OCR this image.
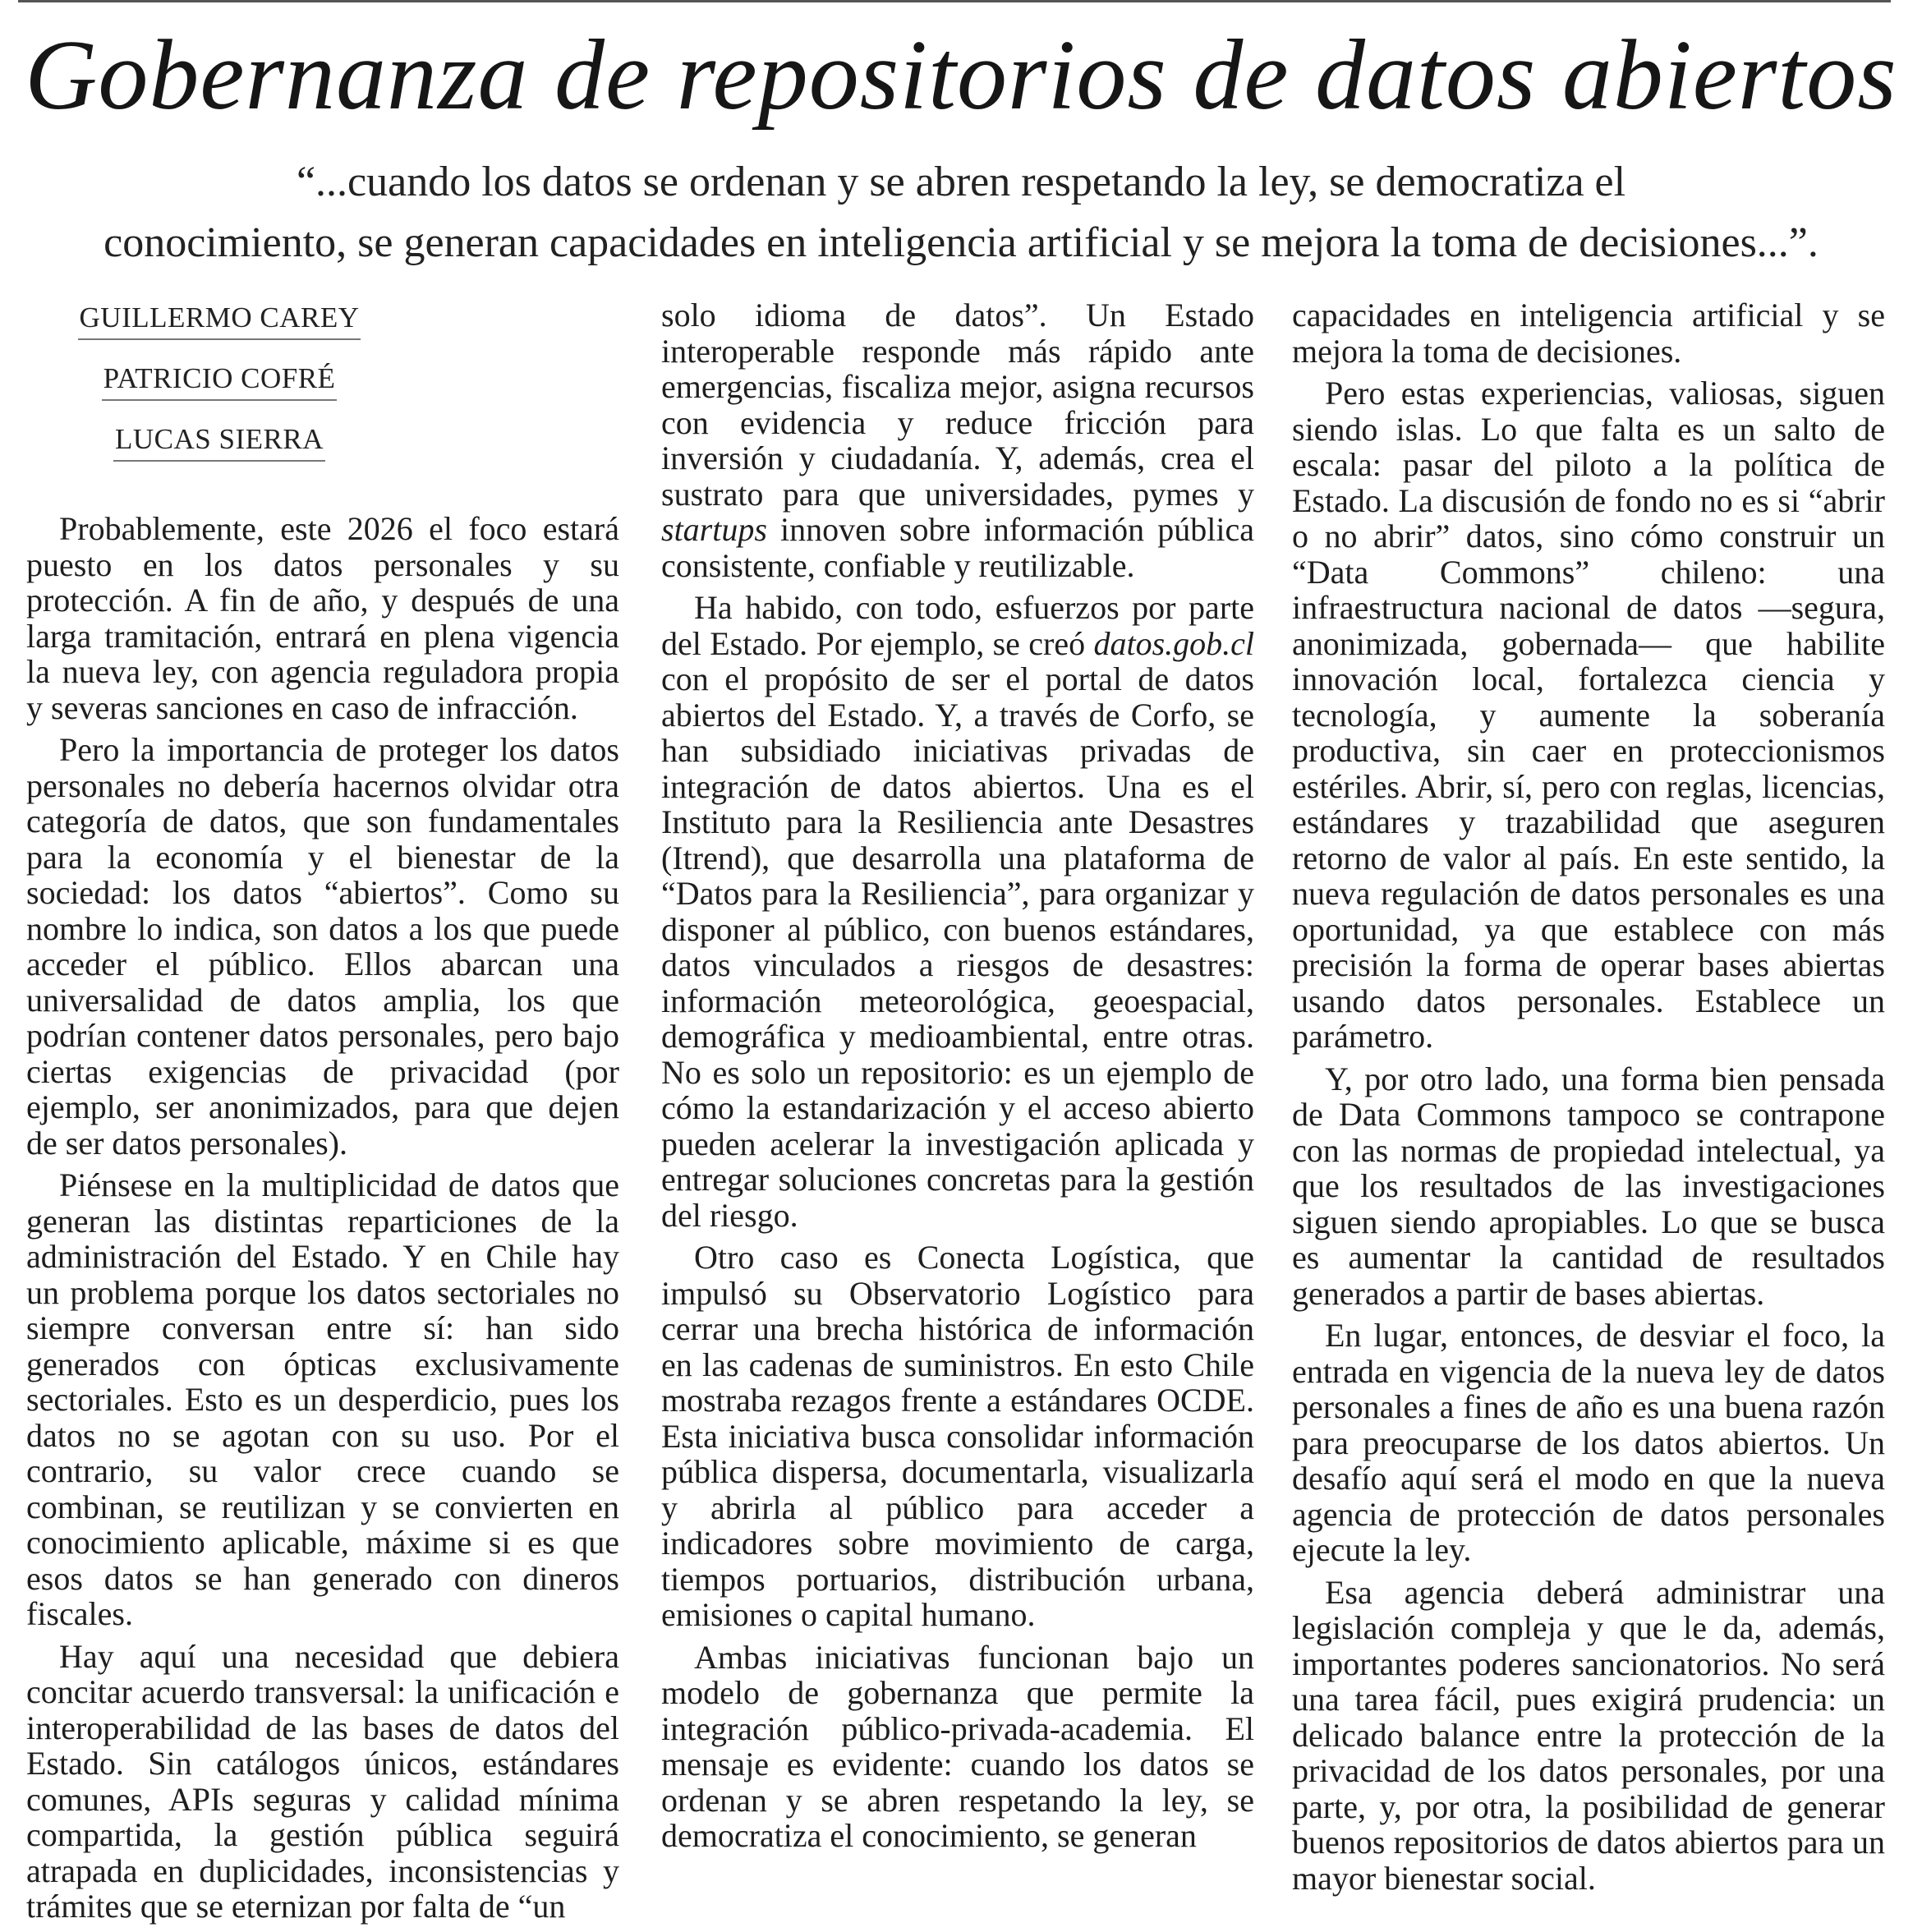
Gobernanza de repositorios de datos abiertos
“...cuando los datos se ordenan y se abren respetando la ley, se democratiza el
conocimiento, se generan capacidades en inteligencia artificial y se mejora la toma de decisiones...”.
GUILLERMO CAREY
PATRICIO COFRÉ
LUCAS SIERRA

Probablemente, este 2026 el foco estará puesto en los datos personales y su protección. A fin de año, y después de una larga tramitación, entrará en plena vigencia la nueva ley, con agencia reguladora propia y severas sanciones en caso de infracción.

Pero la importancia de proteger los datos personales no debería hacernos olvidar otra categoría de datos, que son fundamentales para la economía y el bienestar de la sociedad: los datos “abiertos”. Como su nombre lo indica, son datos a los que puede acceder el público. Ellos abarcan una universalidad de datos amplia, los que podrían contener datos personales, pero bajo ciertas exigencias de privacidad (por ejemplo, ser anonimizados, para que dejen de ser datos personales).

Piénsese en la multiplicidad de datos que generan las distintas reparticiones de la administración del Estado. Y en Chile hay un problema porque los datos sectoriales no siempre conversan entre sí: han sido generados con ópticas exclusivamente sectoriales. Esto es un desperdicio, pues los datos no se agotan con su uso. Por el contrario, su valor crece cuando se combinan, se reutilizan y se convierten en conocimiento aplicable, máxime si es que esos datos se han generado con dineros fiscales.

Hay aquí una necesidad que debiera concitar acuerdo transversal: la unificación e interoperabilidad de las bases de datos del Estado. Sin catálogos únicos, estándares comunes, APIs seguras y calidad mínima compartida, la gestión pública seguirá atrapada en duplicidades, inconsistencias y trámites que se eternizan por falta de “un

solo idioma de datos”. Un Estado interoperable responde más rápido ante emergencias, fiscaliza mejor, asigna recursos con evidencia y reduce fricción para inversión y ciudadanía. Y, además, crea el sustrato para que universidades, pymes y startups innoven sobre información pública consistente, confiable y reutilizable.

Ha habido, con todo, esfuerzos por parte del Estado. Por ejemplo, se creó datos.gob.cl con el propósito de ser el portal de datos abiertos del Estado. Y, a través de Corfo, se han subsidiado iniciativas privadas de integración de datos abiertos. Una es el Instituto para la Resiliencia ante Desastres (Itrend), que desarrolla una plataforma de “Datos para la Resiliencia”, para organizar y disponer al público, con buenos estándares, datos vinculados a riesgos de desastres: información meteorológica, geoespacial, demográfica y medioambiental, entre otras. No es solo un repositorio: es un ejemplo de cómo la estandarización y el acceso abierto pueden acelerar la investigación aplicada y entregar soluciones concretas para la gestión del riesgo.

Otro caso es Conecta Logística, que impulsó su Observatorio Logístico para cerrar una brecha histórica de información en las cadenas de suministros. En esto Chile mostraba rezagos frente a estándares OCDE. Esta iniciativa busca consolidar información pública dispersa, documentarla, visualizarla y abrirla al público para acceder a indicadores sobre movimiento de carga, tiempos portuarios, distribución urbana, emisiones o capital humano.

Ambas iniciativas funcionan bajo un modelo de gobernanza que permite la integración público-privada-academia. El mensaje es evidente: cuando los datos se ordenan y se abren respetando la ley, se democratiza el conocimiento, se generan

capacidades en inteligencia artificial y se mejora la toma de decisiones.

Pero estas experiencias, valiosas, siguen siendo islas. Lo que falta es un salto de escala: pasar del piloto a la política de Estado. La discusión de fondo no es si “abrir o no abrir” datos, sino cómo construir un “Data Commons” chileno: una infraestructura nacional de datos —segura, anonimizada, gobernada— que habilite innovación local, fortalezca ciencia y tecnología, y aumente la soberanía productiva, sin caer en proteccionismos estériles. Abrir, sí, pero con reglas, licencias, estándares y trazabilidad que aseguren retorno de valor al país. En este sentido, la nueva regulación de datos personales es una oportunidad, ya que establece con más precisión la forma de operar bases abiertas usando datos personales. Establece un parámetro.

Y, por otro lado, una forma bien pensada de Data Commons tampoco se contrapone con las normas de propiedad intelectual, ya que los resultados de las investigaciones siguen siendo apropiables. Lo que se busca es aumentar la cantidad de resultados generados a partir de bases abiertas.

En lugar, entonces, de desviar el foco, la entrada en vigencia de la nueva ley de datos personales a fines de año es una buena razón para preocuparse de los datos abiertos. Un desafío aquí será el modo en que la nueva agencia de protección de datos personales ejecute la ley.

Esa agencia deberá administrar una legislación compleja y que le da, además, importantes poderes sancionatorios. No será una tarea fácil, pues exigirá prudencia: un delicado balance entre la protección de la privacidad de los datos personales, por una parte, y, por otra, la posibilidad de generar buenos repositorios de datos abiertos para un mayor bienestar social.
